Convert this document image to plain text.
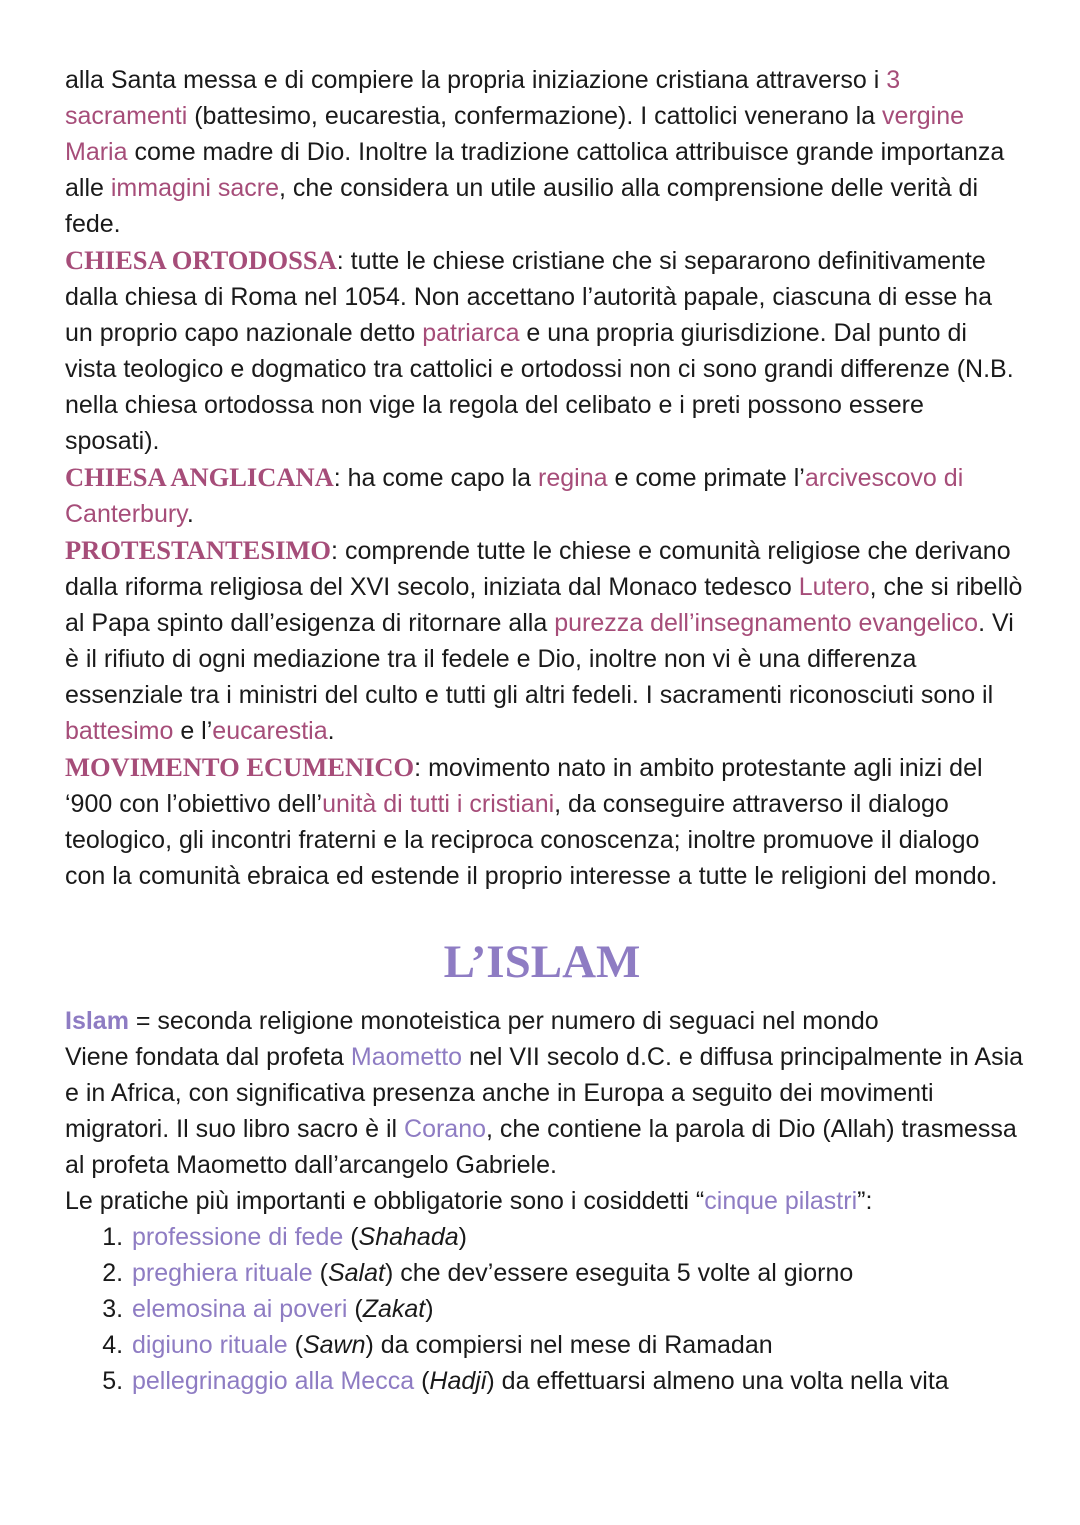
alla Santa messa e di compiere la propria iniziazione cristiana attraverso i 3 sacramenti (battesimo, eucarestia, confermazione). I cattolici venerano la vergine Maria come madre di Dio. Inoltre la tradizione cattolica attribuisce grande importanza alle immagini sacre, che considera un utile ausilio alla comprensione delle verità di fede.

CHIESA ORTODOSSA: tutte le chiese cristiane che si separarono definitivamente dalla chiesa di Roma nel 1054. Non accettano l’autorità papale, ciascuna di esse ha un proprio capo nazionale detto patriarca e una propria giurisdizione. Dal punto di vista teologico e dogmatico tra cattolici e ortodossi non ci sono grandi differenze (N.B. nella chiesa ortodossa non vige la regola del celibato e i preti possono essere sposati).

CHIESA ANGLICANA: ha come capo la regina e come primate l’arcivescovo di Canterbury.

PROTESTANTESIMO: comprende tutte le chiese e comunità religiose che derivano dalla riforma religiosa del XVI secolo, iniziata dal Monaco tedesco Lutero, che si ribellò al Papa spinto dall’esigenza di ritornare alla purezza dell’insegnamento evangelico. Vi è il rifiuto di ogni mediazione tra il fedele e Dio, inoltre non vi è una differenza essenziale tra i ministri del culto e tutti gli altri fedeli. I sacramenti riconosciuti sono il battesimo e l’eucarestia.

MOVIMENTO ECUMENICO: movimento nato in ambito protestante agli inizi del ‘900 con l’obiettivo dell’unità di tutti i cristiani, da conseguire attraverso il dialogo teologico, gli incontri fraterni e la reciproca conoscenza; inoltre promuove il dialogo con la comunità ebraica ed estende il proprio interesse a tutte le religioni del mondo.

L’ISLAM

Islam = seconda religione monoteistica per numero di seguaci nel mondo

Viene fondata dal profeta Maometto nel VII secolo d.C. e diffusa principalmente in Asia e in Africa, con significativa presenza anche in Europa a seguito dei movimenti migratori. Il suo libro sacro è il Corano, che contiene la parola di Dio (Allah) trasmessa al profeta Maometto dall’arcangelo Gabriele.

Le pratiche più importanti e obbligatorie sono i cosiddetti “cinque pilastri”:

1. professione di fede (Shahada)
2. preghiera rituale (Salat) che dev’essere eseguita 5 volte al giorno
3. elemosina ai poveri (Zakat)
4. digiuno rituale (Sawn) da compiersi nel mese di Ramadan
5. pellegrinaggio alla Mecca (Hadji) da effettuarsi almeno una volta nella vita
